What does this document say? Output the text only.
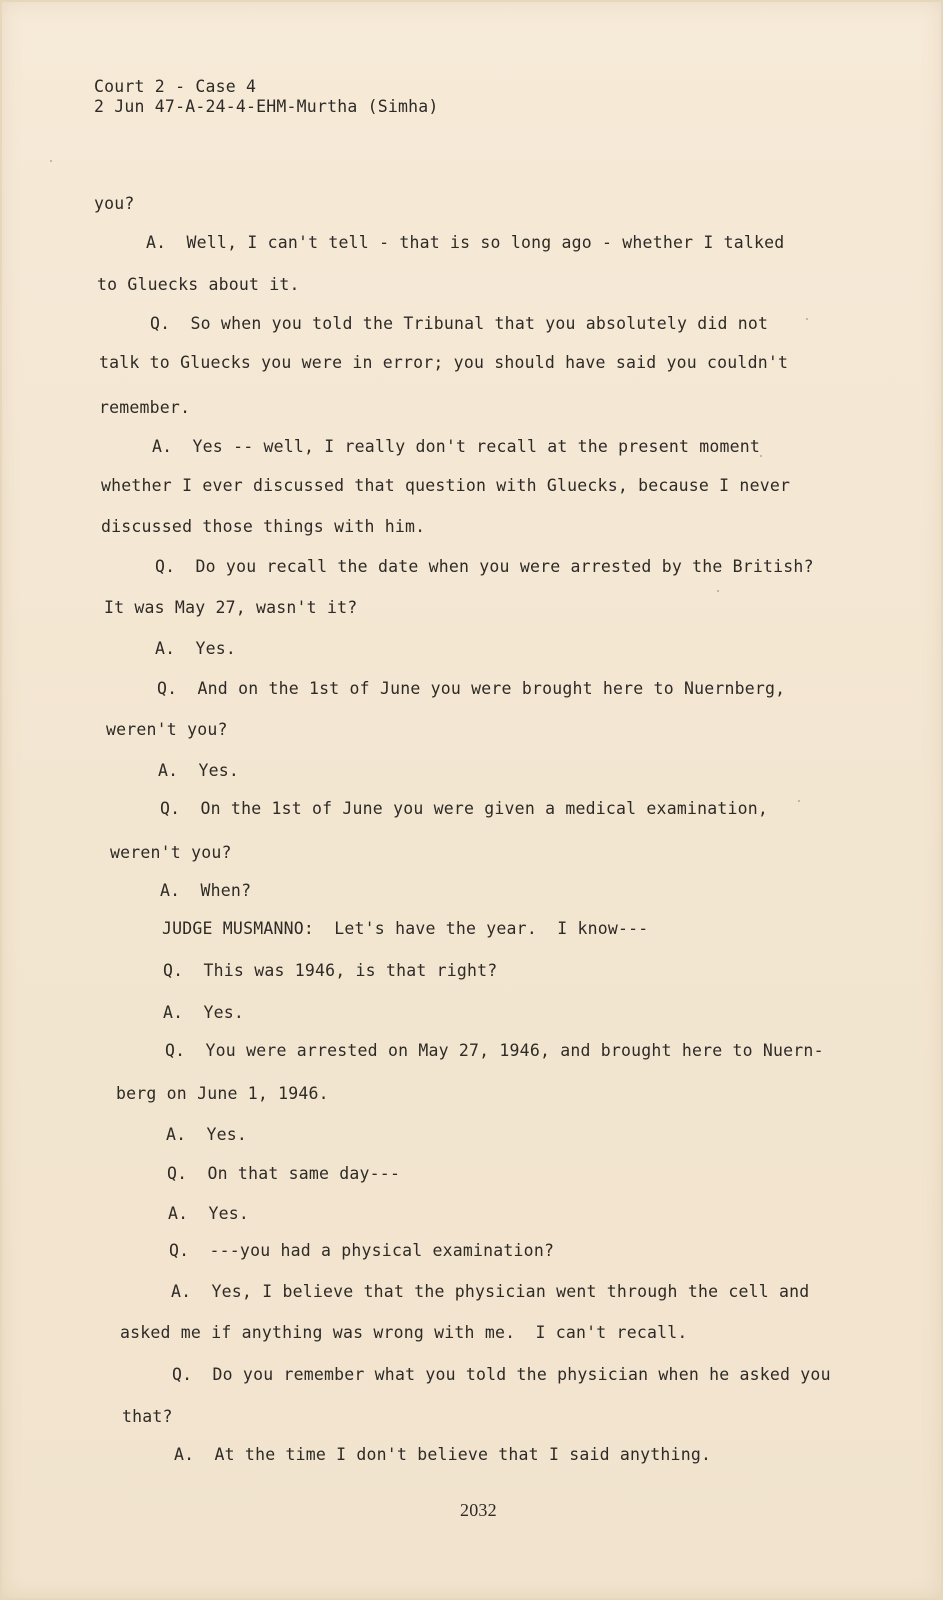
Court 2 - Case 4
2 Jun 47-A-24-4-EHM-Murtha (Simha)
you?
A.  Well, I can't tell - that is so long ago - whether I talked
to Gluecks about it.
Q.  So when you told the Tribunal that you absolutely did not
talk to Gluecks you were in error; you should have said you couldn't
remember.
A.  Yes -- well, I really don't recall at the present moment
whether I ever discussed that question with Gluecks, because I never
discussed those things with him.
Q.  Do you recall the date when you were arrested by the British?
It was May 27, wasn't it?
A.  Yes.
Q.  And on the 1st of June you were brought here to Nuernberg,
weren't you?
A.  Yes.
Q.  On the 1st of June you were given a medical examination,
weren't you?
A.  When?
JUDGE MUSMANNO:  Let's have the year.  I know---
Q.  This was 1946, is that right?
A.  Yes.
Q.  You were arrested on May 27, 1946, and brought here to Nuern-
berg on June 1, 1946.
A.  Yes.
Q.  On that same day---
A.  Yes.
Q.  ---you had a physical examination?
A.  Yes, I believe that the physician went through the cell and
asked me if anything was wrong with me.  I can't recall.
Q.  Do you remember what you told the physician when he asked you
that?
A.  At the time I don't believe that I said anything.
2032
